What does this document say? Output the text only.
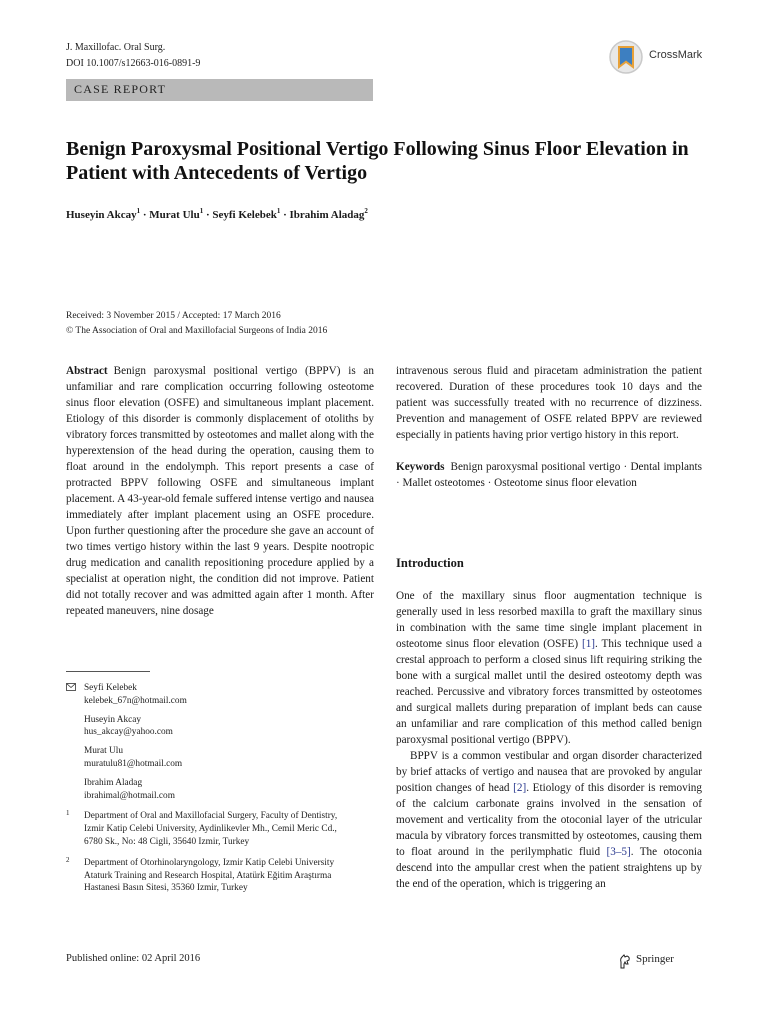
J. Maxillofac. Oral Surg.
DOI 10.1007/s12663-016-0891-9
CrossMark
CASE REPORT
Benign Paroxysmal Positional Vertigo Following Sinus Floor Elevation in Patient with Antecedents of Vertigo
Huseyin Akcay$^1$ · Murat Ulu$^1$ · Seyfi Kelebek$^1$ · Ibrahim Aladag$^2$
Received: 3 November 2015 / Accepted: 17 March 2016
© The Association of Oral and Maxillofacial Surgeons of India 2016

Abstract Benign paroxysmal positional vertigo (BPPV) is an unfamiliar and rare complication occurring following osteotome sinus floor elevation (OSFE) and simultaneous implant placement. Etiology of this disorder is commonly displacement of otoliths by vibratory forces transmitted by osteotomes and mallet along with the hyperextension of the head during the operation, causing them to float around in the endolymph. This report presents a case of protracted BPPV following OSFE and simultaneous implant placement. A 43-year-old female suffered intense vertigo and nausea immediately after implant placement using an OSFE procedure. Upon further questioning after the procedure she gave an account of two times vertigo history within the last 9 years. Despite nootropic drug medication and canalith repositioning procedure applied by a specialist at operation night, the condition did not improve. Patient did not totally recover and was admitted again after 1 month. After repeated maneuvers, nine dosage

Seyfi Kelebek
kelebek_67n@hotmail.com
Huseyin Akcay
hus_akcay@yahoo.com
Murat Ulu
muratulu81@hotmail.com
Ibrahim Aladag
ibrahimal@hotmail.com
1 Department of Oral and Maxillofacial Surgery, Faculty of Dentistry, Izmir Katip Celebi University, Aydinlikevler Mh., Cemil Meric Cd., 6780 Sk., No: 48 Cigli, 35640 Izmir, Turkey
2 Department of Otorhinolaryngology, Izmir Katip Celebi University Ataturk Training and Research Hospital, Atatürk Eğitim Araştırma Hastanesi Basın Sitesi, 35360 Izmir, Turkey

intravenous serous fluid and piracetam administration the patient recovered. Duration of these procedures took 10 days and the patient was successfully treated with no recurrence of dizziness. Prevention and management of OSFE related BPPV are reviewed especially in patients having prior vertigo history in this report.

Keywords Benign paroxysmal positional vertigo · Dental implants · Mallet osteotomes · Osteotome sinus floor elevation

Introduction

One of the maxillary sinus floor augmentation technique is generally used in less resorbed maxilla to graft the maxillary sinus in combination with the same time single implant placement in osteotome sinus floor elevation (OSFE) [1]. This technique used a crestal approach to perform a closed sinus lift requiring striking the bone with a surgical mallet until the desired osteotomy depth was reached. Percussive and vibratory forces transmitted by osteotomes and surgical mallets during preparation of implant beds can cause an unfamiliar and rare complication of this method called benign paroxysmal positional vertigo (BPPV).

BPPV is a common vestibular and organ disorder characterized by brief attacks of vertigo and nausea that are provoked by angular position changes of head [2]. Etiology of this disorder is removing of the calcium carbonate grains involved in the sensation of movement and verticality from the otoconial layer of the utricular macula by vibratory forces transmitted by osteotomes, causing them to float around in the perilymphatic fluid [3–5]. The otoconia descend into the ampullar crest when the patient straightens up by the end of the operation, which is triggering an

Published online: 02 April 2016	Springer
